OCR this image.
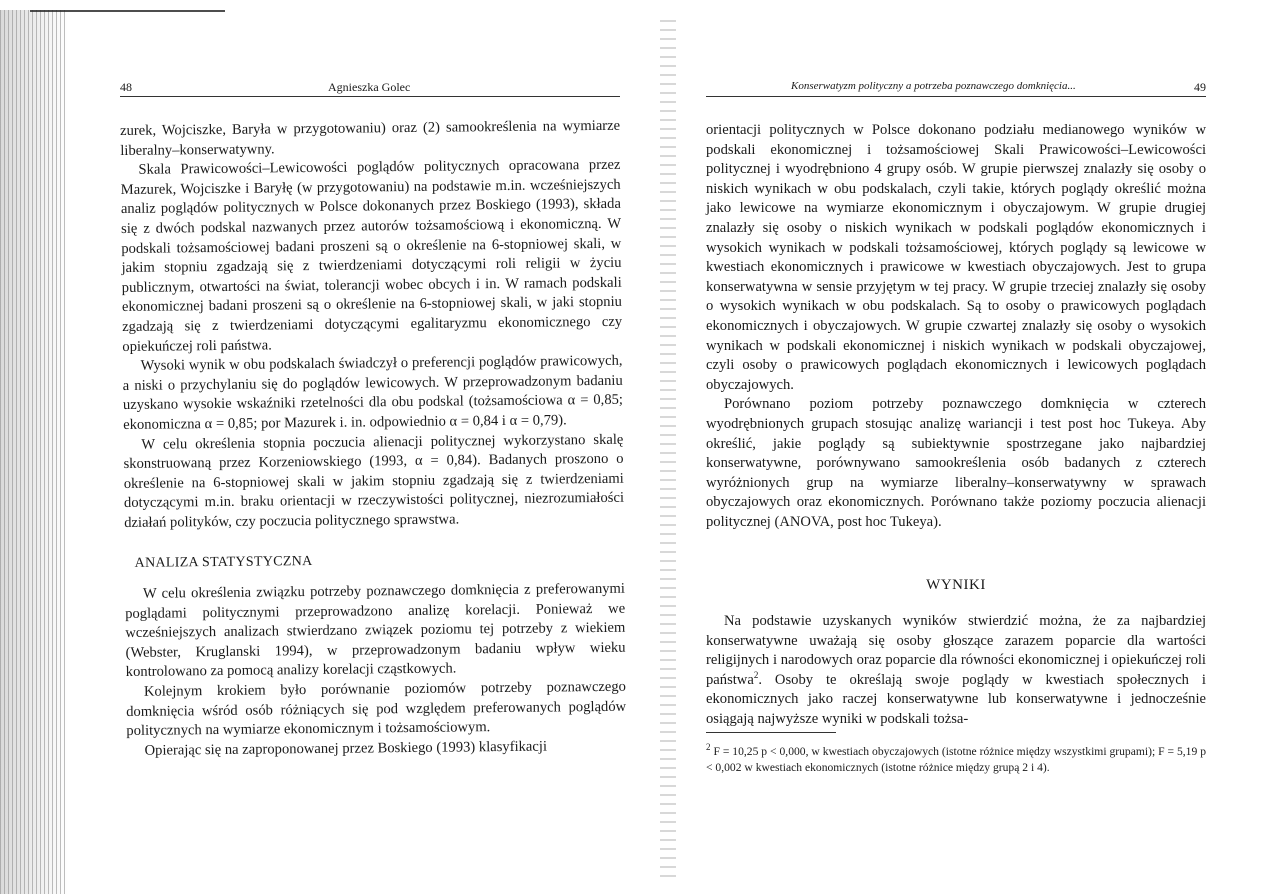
48	Agnieszka Golec

zurek, Wojciszke, Baryła w przygotowaniu) oraz (2) samookreślenia na wymiarze liberalny–konserwatywny.

Skala Prawicowości–Lewicowości poglądów politycznych opracowana przez Mazurek, Wojciszke i Baryłę (w przygotowaniu) na podstawie m.in. wcześniejszych analiz poglądów politycznych w Polsce dokonanych przez Boskiego (1993), składa się z dwóch podskal nazwanych przez autorów tożsamościową i ekonomiczną. W podskali tożsamościowej badani proszeni są o określenie na 6-stopniowej skali, w jakim stopniu zgadzają się z twierdzeniami dotyczącymi roli religii w życiu publicznym, otwartości na świat, tolerancji wobec obcych i in. W ramach podskali ekonomicznej badani proszeni są o określenie na 6-stopniowej skali, w jaki stopniu zgadzają się z twierdzeniami dotyczącymi egalitaryzmu ekonomicznego czy opiekuńczej roli państwa.

Wysoki wynik w obu podskalach świadczył o preferencji poglądów prawicowych, a niski o przychylaniu się do poglądów lewicowych. W przeprowadzonym badaniu uzyskano wysokie wskaźniki rzetelności dla obu podskal (tożsamościowa α = 0,85; ekonomiczna α = 0,85; por Mazurek i. in. odpowiednio α = 0,84 i α = 0,79).

W celu określenia stopnia poczucia alienacji politycznej wykorzystano skalę skonstruowaną przez Korzeniowskiego (1993, α = 0,84). Badanych proszono o określenie na 6-stopniowej skali w jakim stopniu zgadzają się z twierdzeniami dotyczącymi m.in. braku orientacji w rzeczywistości politycznej, niezrozumiałości działań polityków, czy poczucia politycznego sprawstwa.

ANALIZA STATYSTYCZNA

W celu określenia związku potrzeby poznawczego domknięcia z preferowanymi poglądami politycznymi przeprowadzono analizę korelacji. Ponieważ we wcześniejszych analizach stwierdzano związek poziomu tej potrzeby z wiekiem (Webster, Kruglanski 1994), w przeprowadzonym badaniu wpływ wieku kontrolowano za pomocą analizy korelacji cząstkowych.

Kolejnym krokiem było porównanie poziomów potrzeby poznawczego domknięcia wśród osób różniących się pod względem preferowanych poglądów politycznych na wymiarze ekonomicznym i tożsamościowym.

Opierając się na zaproponowanej przez Boskiego (1993) klasyfikacji

Konserwatyzm polityczny a potrzeba poznawczego domknięcia...	49

orientacji politycznych w Polsce dokonano podziału medianowego wyników w podskali ekonomicznej i tożsamościowej Skali Prawicowości–Lewicowości politycznej i wyodrębniono 4 grupy osób. W grupie pierwszej znalazły się osoby o niskich wynikach w obu podskalach, czyli takie, których poglądy określić można jako lewicowe na wymiarze ekonomicznym i obyczajowym. W grupie drugiej znalazły się osoby o niskich wynikach w podskali poglądów ekonomicznych i wysokich wynikach w podskali tożsamościowej, których poglądy są lewicowe w kwestiach ekonomicznych i prawicowe w kwestiach obyczajowych. Jest to grupa konserwatywna w sensie przyjętym w tej pracy. W grupie trzeciej znalazły się osoby o wysokich wynikach w obu podskalach. Są to osoby o prawicowych poglądach ekonomicznych i obyczajowych. W grupie czwartej znalazły się osoby o wysokich wynikach w podskali ekonomicznej i niskich wynikach w podskali obyczajowej, czyli osoby o prawicowych poglądach ekonomicznych i lewicowych poglądach obyczajowych.

Porównano poziom potrzeby poznawczego domknięcia w czterech wyodrębnionych grupach stosując analizę wariancji i test post hoc Tukeya. Aby określić, jakie poglądy są subiektywnie spostrzegane jako najbardziej konserwatywne, porównywano samookreślenia osób badanych z czterech wyróżnionych grup na wymiarze liberalny–konserwatywny w sprawach obyczajowych oraz ekonomicznych. Porównano także poziomy poczucia alienacji politycznej (ANOVA, post hoc Tukeya).

WYNIKI

Na podstawie uzyskanych wyników stwierdzić można, że za najbardziej konserwatywne uważają się osoby głoszące zarazem poparcie dla wartości religijnych i narodowych oraz poparcie dla równości ekonomicznej i opiekuńczej roli państwa$^2$. Osoby te określają swoje poglądy w kwestiach społecznych i ekonomicznych jako raczej konserwatywne lub konserwatywne i jednocześnie osiągają najwyższe wyniki w podskali tożsa-

$^2$ F = 10,25 p < 0,000, w kwestiach obyczajowych (istotne różnice między wszystkimi grupami); F = 5,19 p < 0,002 w kwestiach ekonomicznych (istotne różnice między grupą 2 i 4).
